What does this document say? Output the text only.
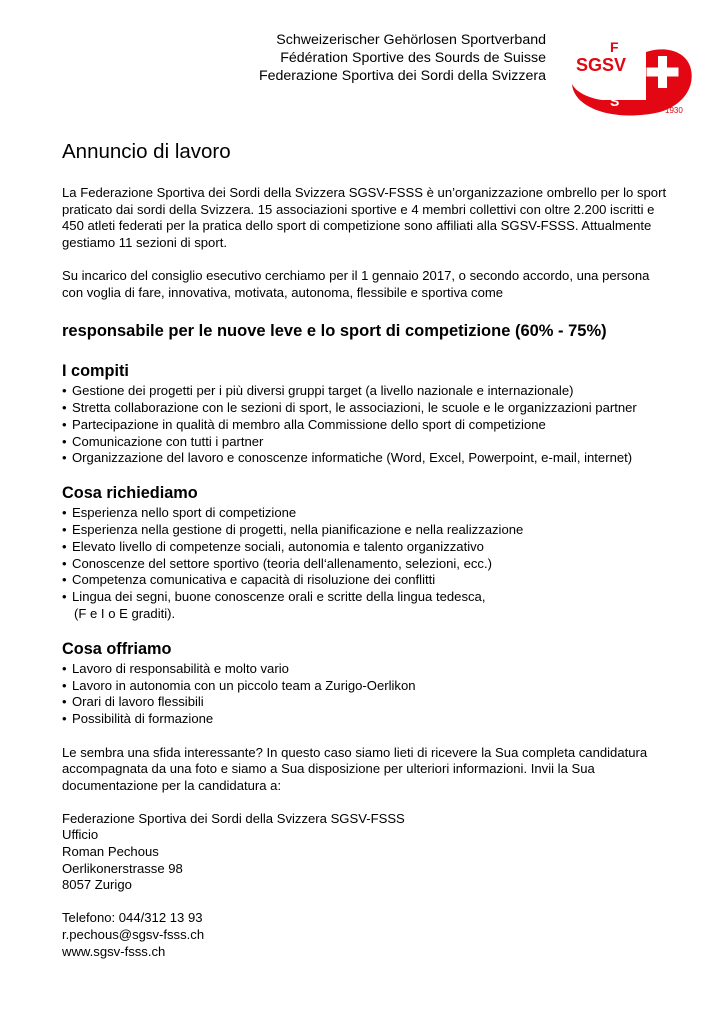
Schweizerischer Gehörlosen Sportverband
Fédération Sportive des Sourds de Suisse
Federazione Sportiva dei Sordi della Svizzera
F
SGSV
S
S
1930
Annuncio di lavoro

La Federazione Sportiva dei Sordi della Svizzera SGSV-FSSS è un’organizzazione ombrello per lo sport praticato dai sordi della Svizzera. 15 associazioni sportive e 4 membri collettivi con oltre 2.200 iscritti e 450 atleti federati per la pratica dello sport di competizione sono affiliati alla SGSV-FSSS. Attualmente gestiamo 11 sezioni di sport.

Su incarico del consiglio esecutivo cerchiamo per il 1 gennaio 2017, o secondo accordo, una persona con voglia di fare, innovativa, motivata, autonoma, flessibile e sportiva come

responsabile per le nuove leve e lo sport di competizione (60% - 75%)
I compiti
• Gestione dei progetti per i più diversi gruppi target (a livello nazionale e internazionale)
• Stretta collaborazione con le sezioni di sport, le associazioni, le scuole e le organizzazioni partner
• Partecipazione in qualità di membro alla Commissione dello sport di competizione
• Comunicazione con tutti i partner
• Organizzazione del lavoro e conoscenze informatiche (Word, Excel, Powerpoint, e-mail, internet)
Cosa richiediamo
• Esperienza nello sport di competizione
• Esperienza nella gestione di progetti, nella pianificazione e nella realizzazione
• Elevato livello di competenze sociali, autonomia e talento organizzativo
• Conoscenze del settore sportivo (teoria dell‘allenamento, selezioni, ecc.)
• Competenza comunicativa e capacità di risoluzione dei conflitti
• Lingua dei segni, buone conoscenze orali e scritte della lingua tedesca,
(F e I o E graditi).
Cosa offriamo
• Lavoro di responsabilità e molto vario
• Lavoro in autonomia con un piccolo team a Zurigo-Oerlikon
• Orari di lavoro flessibili
• Possibilità di formazione

Le sembra una sfida interessante? In questo caso siamo lieti di ricevere la Sua completa candidatura accompagnata da una foto e siamo a Sua disposizione per ulteriori informazioni. Invii la Sua documentazione per la candidatura a:

Federazione Sportiva dei Sordi della Svizzera SGSV-FSSS

Ufficio

Roman Pechous

Oerlikonerstrasse 98

8057 Zurigo

Telefono: 044/312 13 93

r.pechous@sgsv-fsss.ch

www.sgsv-fsss.ch
